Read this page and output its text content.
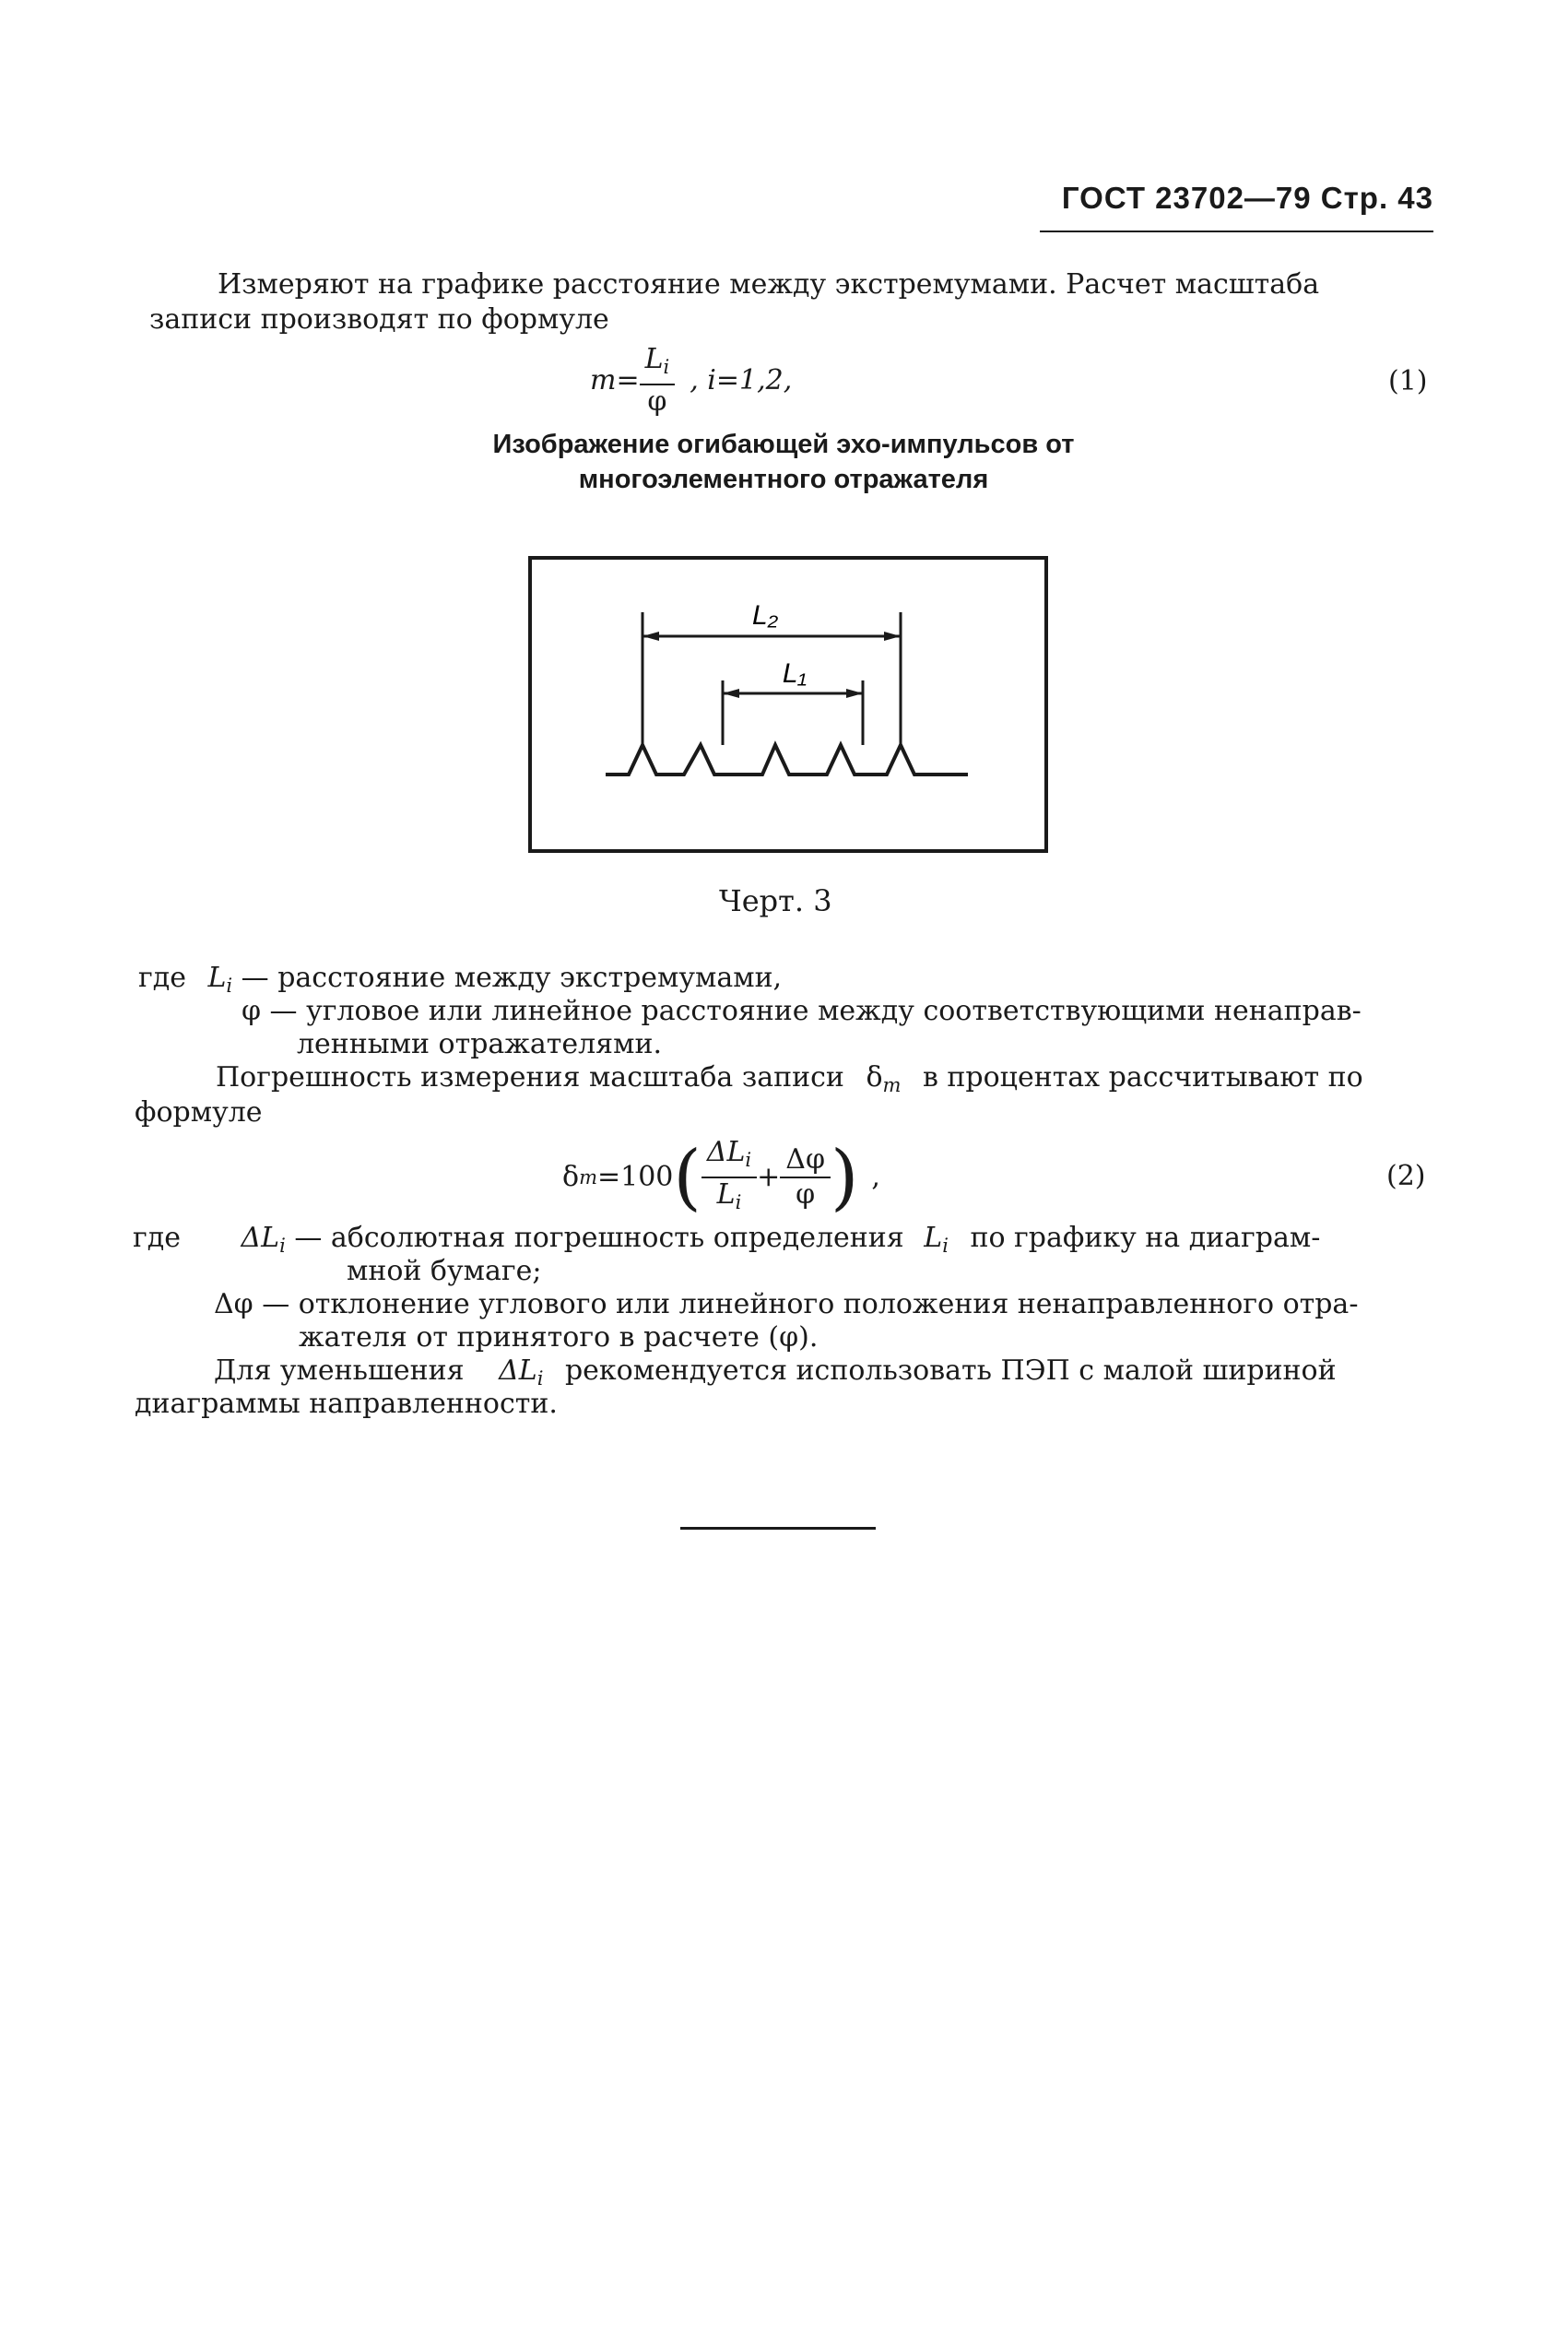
ГОСТ 23702—79 Стр. 43
Измеряют на графике расстояние между экстремумами. Расчет масштаба
записи производят по формуле
$m= \frac{L_i}{\varphi}$ , i=1,2,	(1)
Изображение огибающей эхо-импульсов от
многоэлементного отражателя
L₂
L₁
Черт. 3
где $L_i$ — расстояние между экстремумами,
φ — угловое или линейное расстояние между соответствующими ненаправ-
ленными отражателями.
Погрешность измерения масштаба записи $\delta_m$ в процентах рассчитывают по
формуле
δ m =100 ( $\frac{\Delta L_i}{L_i} + \frac{\Delta\varphi}{\varphi}$ ) ,	(2)
где $\Delta L_i$ — абсолютная погрешность определения $L_i$ по графику на диаграм-
мной бумаге;
Δφ — отклонение углового или линейного положения ненаправленного отра-
жателя от принятого в расчете (φ).
Для уменьшения $\Delta L_i$ рекомендуется использовать ПЭП с малой шириной
диаграммы направленности.
